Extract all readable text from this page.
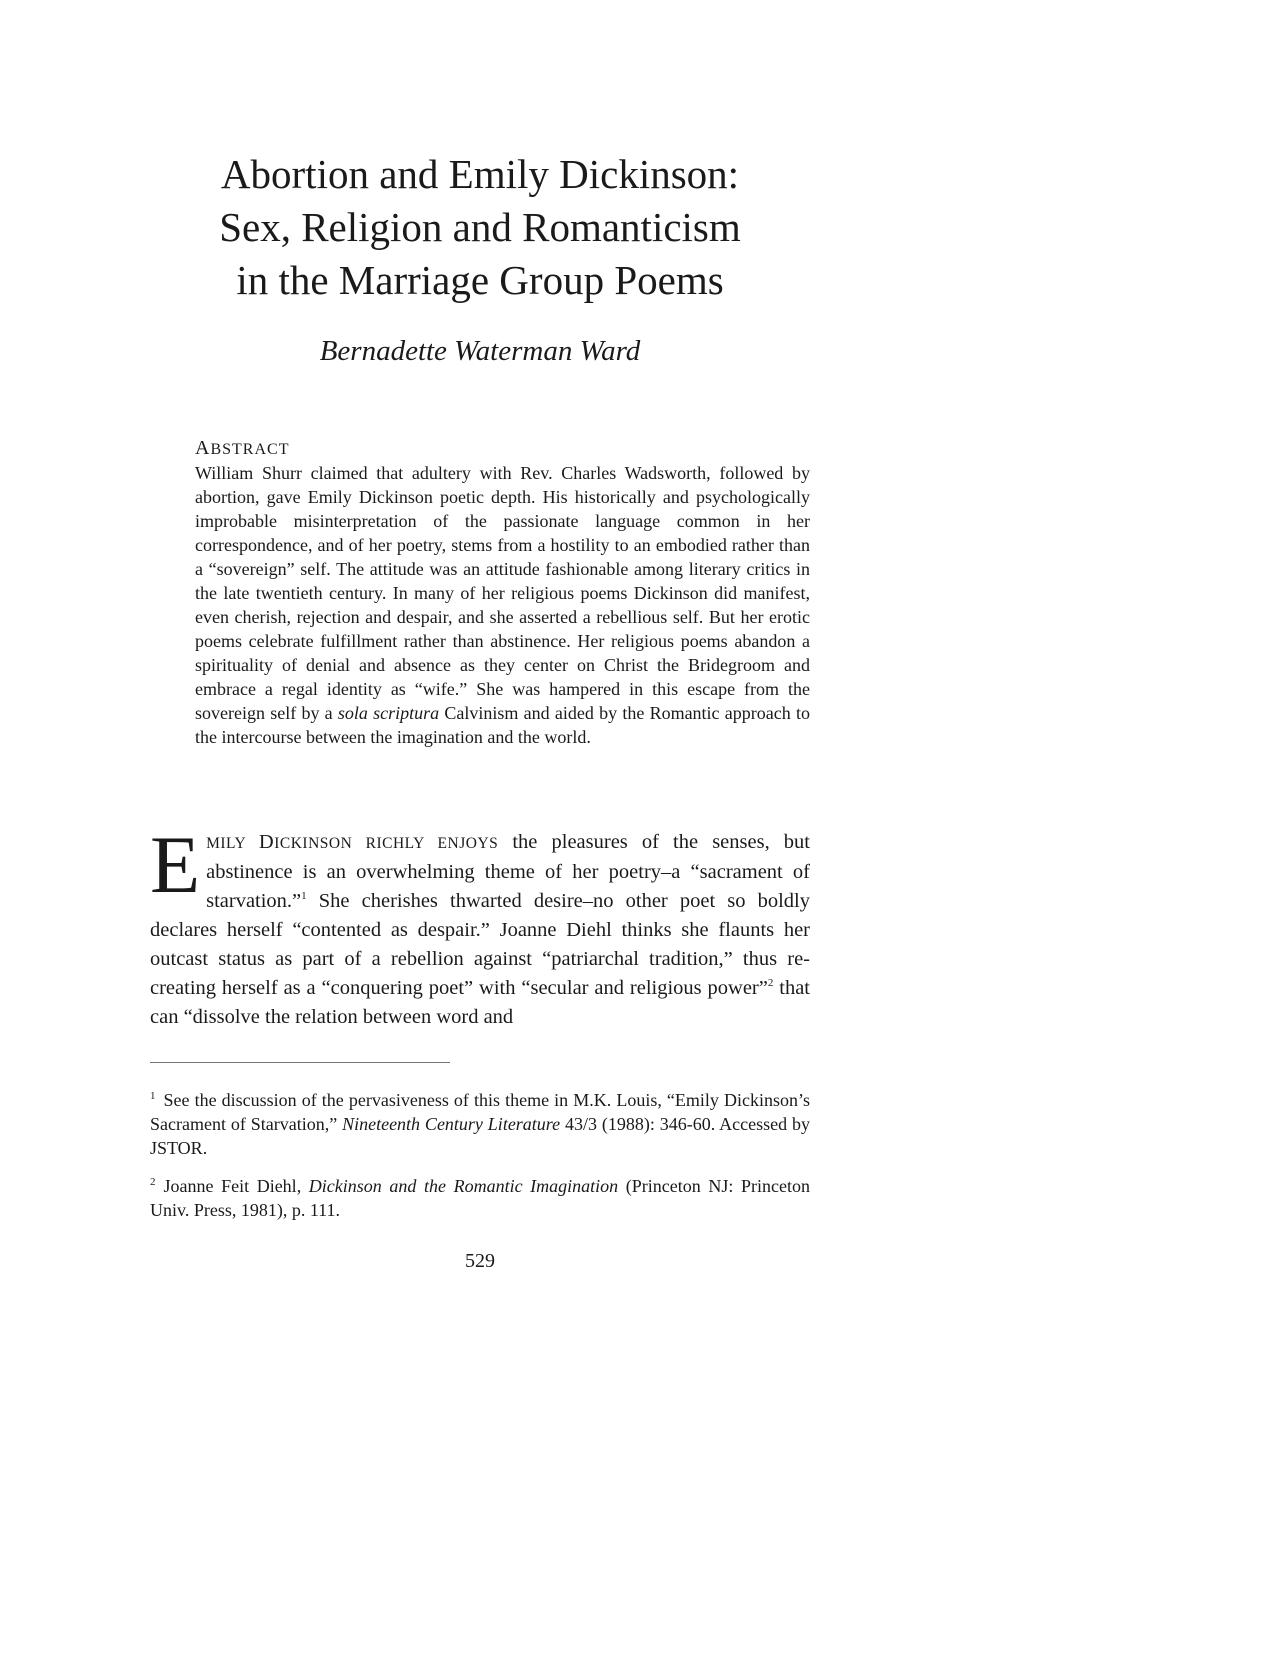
Abortion and Emily Dickinson:
Sex, Religion and Romanticism
in the Marriage Group Poems

Bernadette Waterman Ward

ABSTRACT

William Shurr claimed that adultery with Rev. Charles Wadsworth, followed by abortion, gave Emily Dickinson poetic depth. His historically and psychologically improbable misinterpretation of the passionate language common in her correspondence, and of her poetry, stems from a hostility to an embodied rather than a “sovereign” self. The attitude was an attitude fashionable among literary critics in the late twentieth century. In many of her religious poems Dickinson did manifest, even cherish, rejection and despair, and she asserted a rebellious self. But her erotic poems celebrate fulfillment rather than abstinence. Her religious poems abandon a spirituality of denial and absence as they center on Christ the Bridegroom and embrace a regal identity as “wife.” She was hampered in this escape from the sovereign self by a sola scriptura Calvinism and aided by the Romantic approach to the intercourse between the imagination and the world.

EMILY DICKINSON RICHLY ENJOYS the pleasures of the senses, but abstinence is an overwhelming theme of her poetry–a “sacrament of starvation.”$^1$ She cherishes thwarted desire–no other poet so boldly declares herself “contented as despair.” Joanne Diehl thinks she flaunts her outcast status as part of a rebellion against “patriarchal tradition,” thus re-creating herself as a “conquering poet” with “secular and religious power”$^2$ that can “dissolve the relation between word and

$^1$ See the discussion of the pervasiveness of this theme in M.K. Louis, “Emily Dickinson’s Sacrament of Starvation,” Nineteenth Century Literature 43/3 (1988): 346-60. Accessed by JSTOR.

$^2$ Joanne Feit Diehl, Dickinson and the Romantic Imagination (Princeton NJ: Princeton Univ. Press, 1981), p. 111.

529
